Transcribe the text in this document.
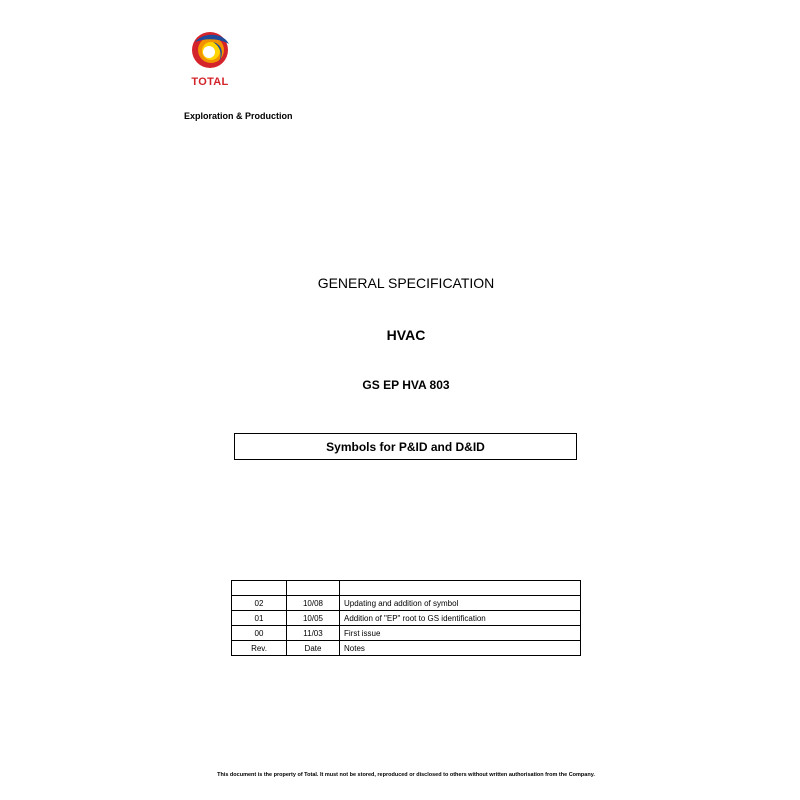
TOTAL
Exploration & Production
GENERAL SPECIFICATION
HVAC
GS EP HVA 803
Symbols for P&ID and D&ID

02	10/08	Updating and addition of symbol
01	10/05	Addition of "EP" root to GS identification
00	11/03	First issue
Rev.	Date	Notes
This document is the property of Total. It must not be stored, reproduced or disclosed to others without written authorisation from the Company.
